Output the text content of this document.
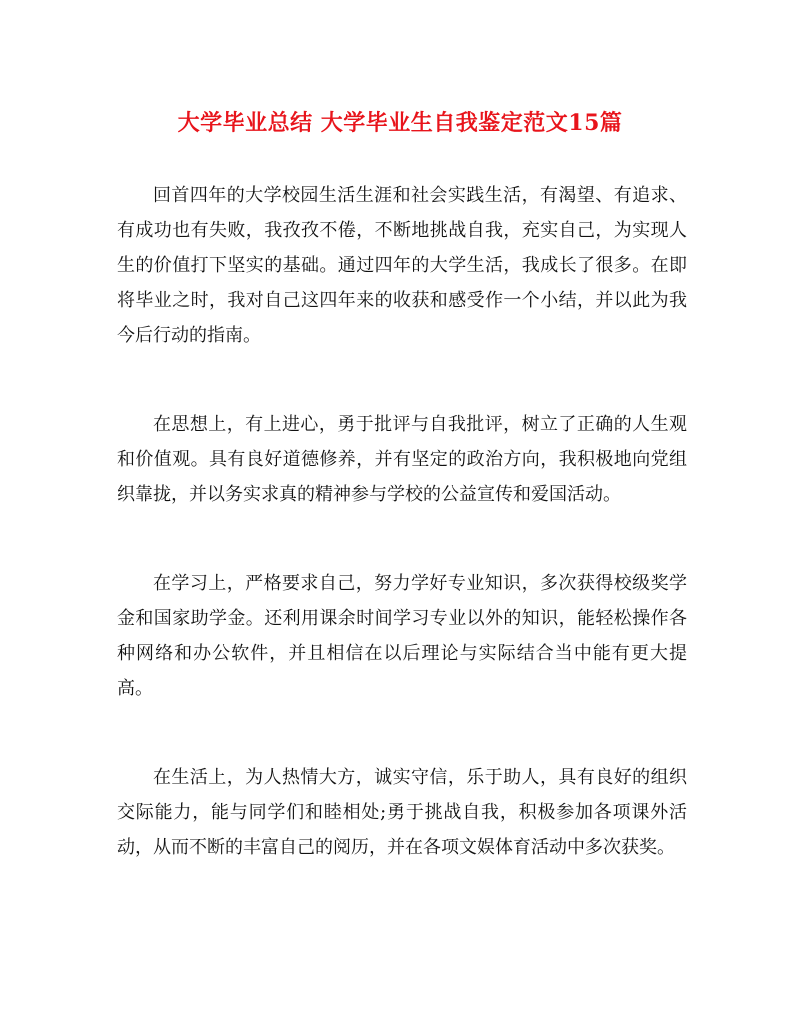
大学毕业总结 大学毕业生自我鉴定范文15篇

回首四年的大学校园生活生涯和社会实践生活，有渴望、有追求、有成功也有失败，我孜孜不倦，不断地挑战自我，充实自己，为实现人生的价值打下坚实的基础。通过四年的大学生活，我成长了很多。在即将毕业之时，我对自己这四年来的收获和感受作一个小结，并以此为我今后行动的指南。

在思想上，有上进心，勇于批评与自我批评，树立了正确的人生观和价值观。具有良好道德修养，并有坚定的政治方向，我积极地向党组织靠拢，并以务实求真的精神参与学校的公益宣传和爱国活动。

在学习上，严格要求自己，努力学好专业知识，多次获得校级奖学金和国家助学金。还利用课余时间学习专业以外的知识，能轻松操作各种网络和办公软件，并且相信在以后理论与实际结合当中能有更大提高。

在生活上，为人热情大方，诚实守信，乐于助人，具有良好的组织交际能力，能与同学们和睦相处;勇于挑战自我，积极参加各项课外活动，从而不断的丰富自己的阅历，并在各项文娱体育活动中多次获奖。
